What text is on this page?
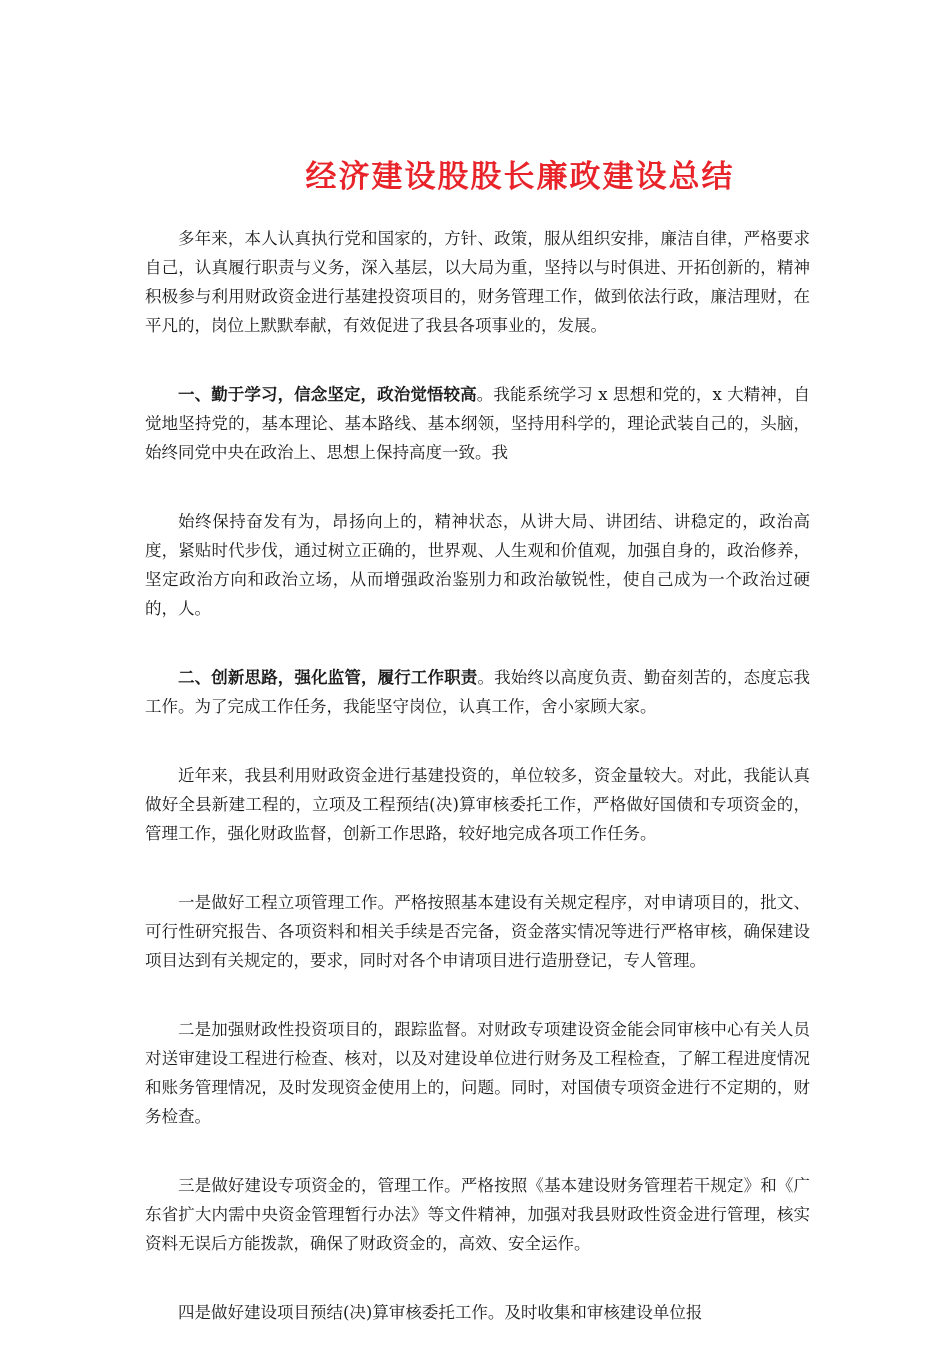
经济建设股股长廉政建设总结

多年来，本人认真执行党和国家的，方针、政策，服从组织安排，廉洁自律，严格要求自己，认真履行职责与义务，深入基层，以大局为重，坚持以与时俱进、开拓创新的，精神积极参与利用财政资金进行基建投资项目的，财务管理工作，做到依法行政，廉洁理财，在平凡的，岗位上默默奉献，有效促进了我县各项事业的，发展。

一、勤于学习，信念坚定，政治觉悟较高。我能系统学习 x 思想和党的，x 大精神，自觉地坚持党的，基本理论、基本路线、基本纲领，坚持用科学的，理论武装自己的，头脑，始终同党中央在政治上、思想上保持高度一致。我

始终保持奋发有为，昂扬向上的，精神状态，从讲大局、讲团结、讲稳定的，政治高度，紧贴时代步伐，通过树立正确的，世界观、人生观和价值观，加强自身的，政治修养，坚定政治方向和政治立场，从而增强政治鉴别力和政治敏锐性，使自己成为一个政治过硬的，人。

二、创新思路，强化监管，履行工作职责。我始终以高度负责、勤奋刻苦的，态度忘我工作。为了完成工作任务，我能坚守岗位，认真工作，舍小家顾大家。

近年来，我县利用财政资金进行基建投资的，单位较多，资金量较大。对此，我能认真做好全县新建工程的，立项及工程预结(决)算审核委托工作，严格做好国债和专项资金的，管理工作，强化财政监督，创新工作思路，较好地完成各项工作任务。

一是做好工程立项管理工作。严格按照基本建设有关规定程序，对申请项目的，批文、可行性研究报告、各项资料和相关手续是否完备，资金落实情况等进行严格审核，确保建设项目达到有关规定的，要求，同时对各个申请项目进行造册登记，专人管理。

二是加强财政性投资项目的，跟踪监督。对财政专项建设资金能会同审核中心有关人员对送审建设工程进行检查、核对，以及对建设单位进行财务及工程检查，了解工程进度情况和账务管理情况，及时发现资金使用上的，问题。同时，对国债专项资金进行不定期的，财务检查。

三是做好建设专项资金的，管理工作。严格按照《基本建设财务管理若干规定》和《广东省扩大内需中央资金管理暂行办法》等文件精神，加强对我县财政性资金进行管理，核实资料无误后方能拨款，确保了财政资金的，高效、安全运作。

四是做好建设项目预结(决)算审核委托工作。及时收集和审核建设单位报
